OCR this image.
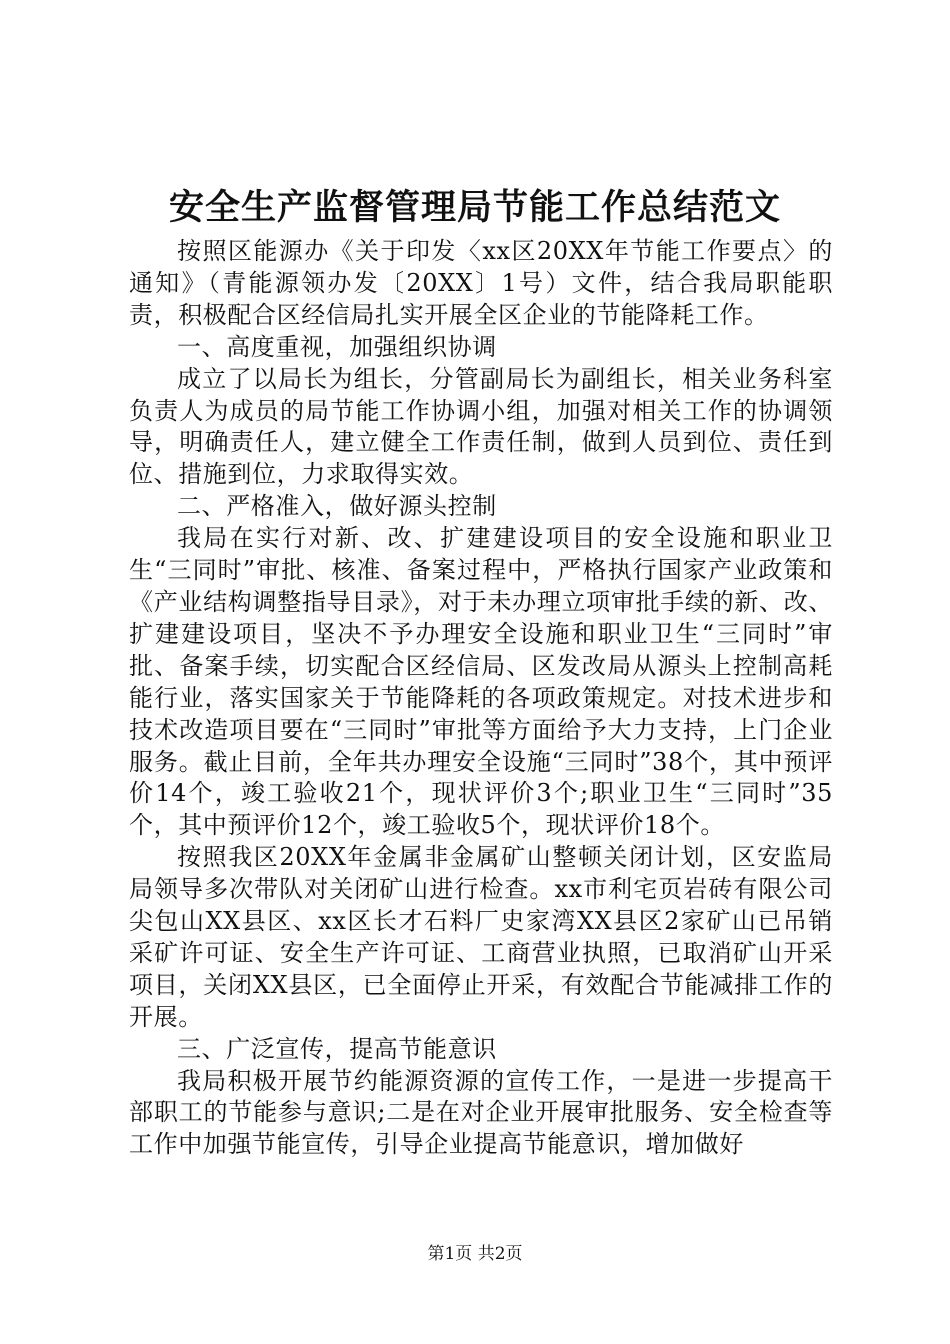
安全生产监督管理局节能工作总结范文

按照区能源办《关于印发〈xx区20XX年节能工作要点〉的通知》（青能源领办发〔20XX〕1号）文件，结合我局职能职责，积极配合区经信局扎实开展全区企业的节能降耗工作。

一、高度重视，加强组织协调

成立了以局长为组长，分管副局长为副组长，相关业务科室负责人为成员的局节能工作协调小组，加强对相关工作的协调领导，明确责任人，建立健全工作责任制，做到人员到位、责任到位、措施到位，力求取得实效。

二、严格准入，做好源头控制

我局在实行对新、改、扩建建设项目的安全设施和职业卫生“三同时”审批、核准、备案过程中，严格执行国家产业政策和《产业结构调整指导目录》，对于未办理立项审批手续的新、改、扩建建设项目，坚决不予办理安全设施和职业卫生“三同时”审批、备案手续，切实配合区经信局、区发改局从源头上控制高耗能行业，落实国家关于节能降耗的各项政策规定。对技术进步和技术改造项目要在“三同时”审批等方面给予大力支持，上门企业服务。截止目前，全年共办理安全设施“三同时”38个，其中预评价14个，竣工验收21个，现状评价3个;职业卫生“三同时”35个，其中预评价12个，竣工验收5个，现状评价18个。

按照我区20XX年金属非金属矿山整顿关闭计划，区安监局局领导多次带队对关闭矿山进行检查。xx市利宅页岩砖有限公司尖包山XX县区、xx区长才石料厂史家湾XX县区2家矿山已吊销采矿许可证、安全生产许可证、工商营业执照，已取消矿山开采项目，关闭XX县区，已全面停止开采，有效配合节能减排工作的开展。

三、广泛宣传，提高节能意识

我局积极开展节约能源资源的宣传工作，一是进一步提高干部职工的节能参与意识;二是在对企业开展审批服务、安全检查等工作中加强节能宣传，引导企业提高节能意识，增加做好

第1页 共2页
